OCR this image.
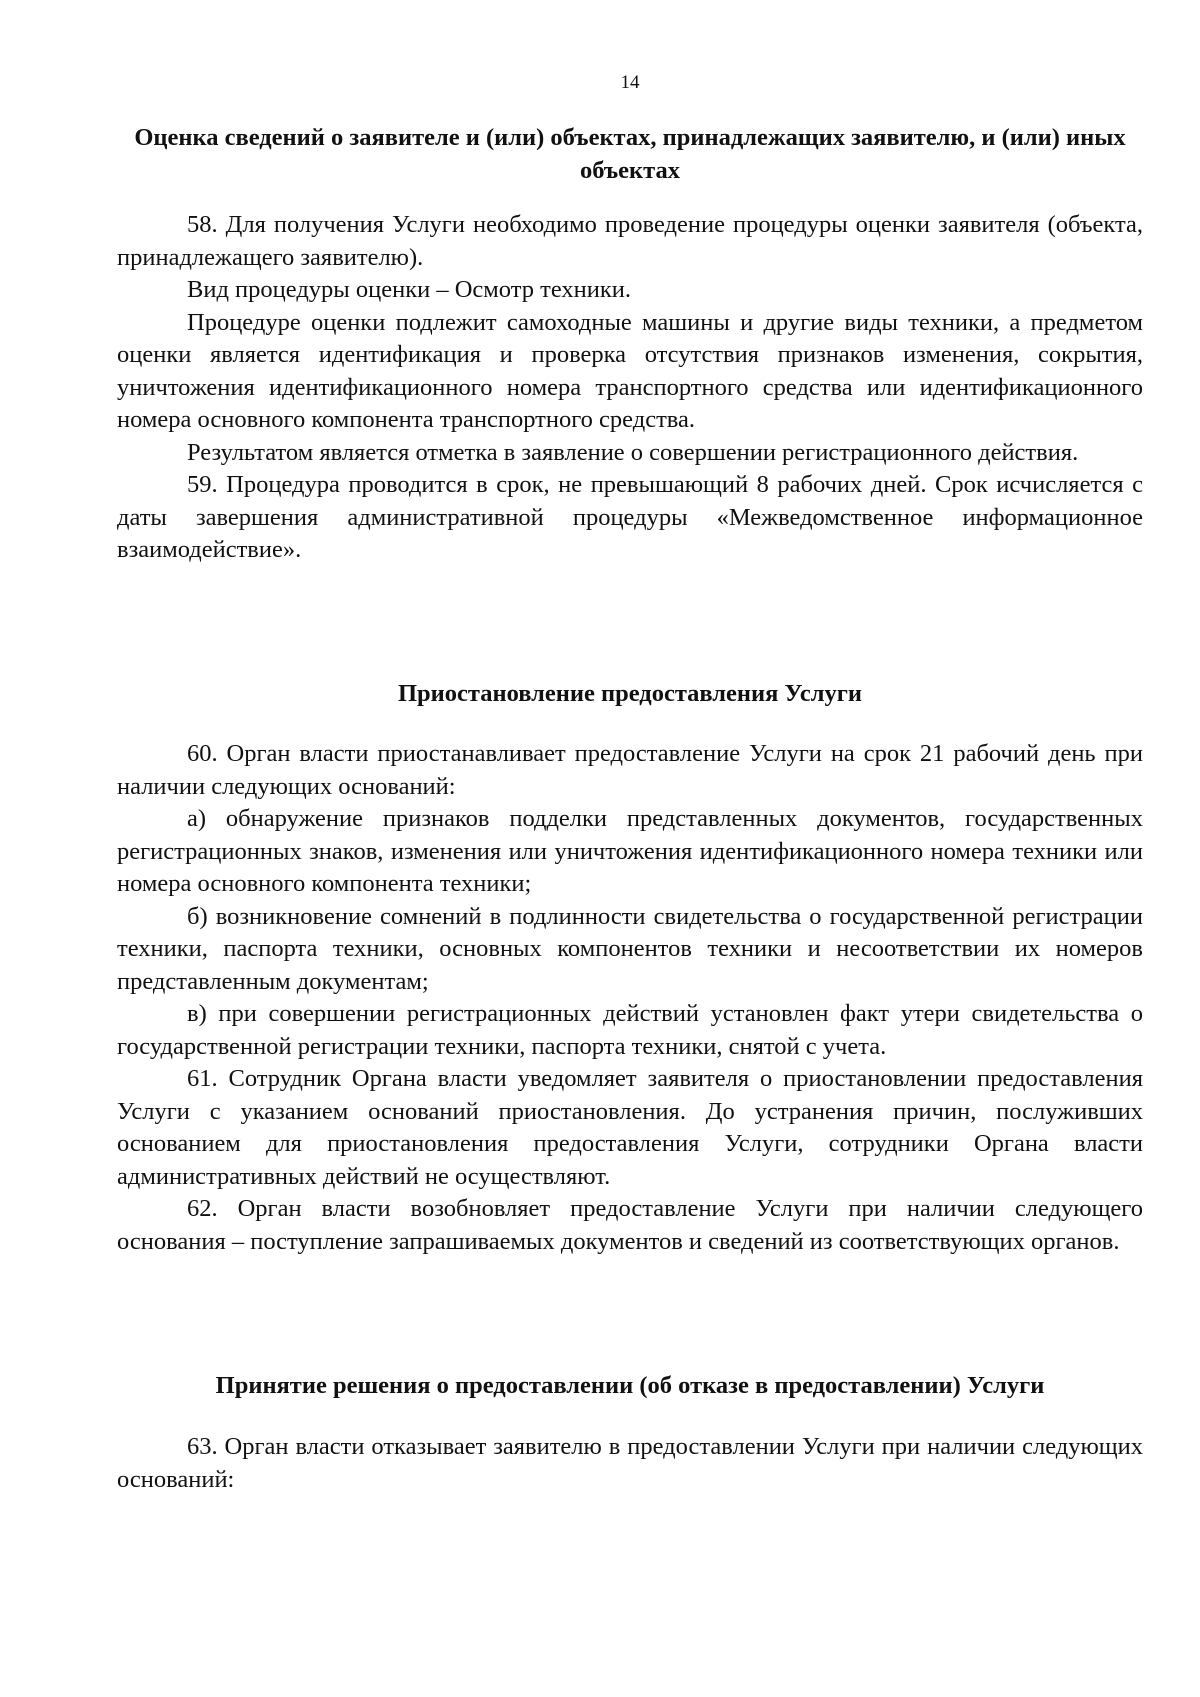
14
Оценка сведений о заявителе и (или) объектах, принадлежащих заявителю, и (или) иных объектах

58. Для получения Услуги необходимо проведение процедуры оценки заявителя (объекта, принадлежащего заявителю).

Вид процедуры оценки – Осмотр техники.

Процедуре оценки подлежит самоходные машины и другие виды техники, а предметом оценки является идентификация и проверка отсутствия признаков изменения, сокрытия, уничтожения идентификационного номера транспортного средства или идентификационного номера основного компонента транспортного средства.

Результатом является отметка в заявление о совершении регистрационного действия.

59. Процедура проводится в срок, не превышающий 8 рабочих дней. Срок исчисляется с даты завершения административной процедуры «Межведомственное информационное взаимодействие».

Приостановление предоставления Услуги

60. Орган власти приостанавливает предоставление Услуги на срок 21 рабочий день при наличии следующих оснований:

а) обнаружение признаков подделки представленных документов, государственных регистрационных знаков, изменения или уничтожения идентификационного номера техники или номера основного компонента техники;

б) возникновение сомнений в подлинности свидетельства о государственной регистрации техники, паспорта техники, основных компонентов техники и несоответствии их номеров представленным документам;

в) при совершении регистрационных действий установлен факт утери свидетельства о государственной регистрации техники, паспорта техники, снятой с учета.

61. Сотрудник Органа власти уведомляет заявителя о приостановлении предоставления Услуги с указанием оснований приостановления. До устранения причин, послуживших основанием для приостановления предоставления Услуги, сотрудники Органа власти административных действий не осуществляют.

62. Орган власти возобновляет предоставление Услуги при наличии следующего основания – поступление запрашиваемых документов и сведений из соответствующих органов.

Принятие решения о предоставлении (об отказе в предоставлении) Услуги

63. Орган власти отказывает заявителю в предоставлении Услуги при наличии следующих оснований:
